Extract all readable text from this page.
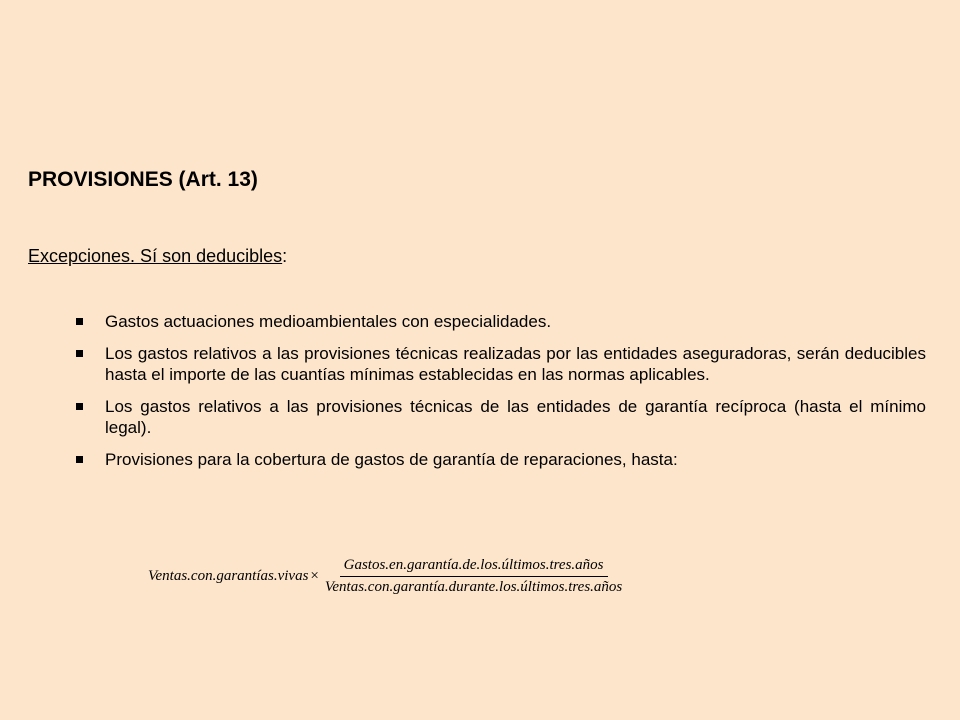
PROVISIONES (Art. 13)
Excepciones. Sí son deducibles:
Gastos actuaciones medioambientales con especialidades.
Los gastos relativos a las provisiones técnicas realizadas por las entidades aseguradoras, serán deducibles hasta el importe de las cuantías mínimas establecidas en las normas aplicables.
Los gastos relativos a las provisiones técnicas de las entidades de garantía recíproca (hasta el mínimo legal).
Provisiones para la cobertura de gastos de garantía de reparaciones, hasta:
Ventas.con.garantías.vivas × $\frac{\text{Gastos.en.garantía.de.los.últimos.tres.años}}{\text{Ventas.con.garantía.durante.los.últimos.tres.años}}$
